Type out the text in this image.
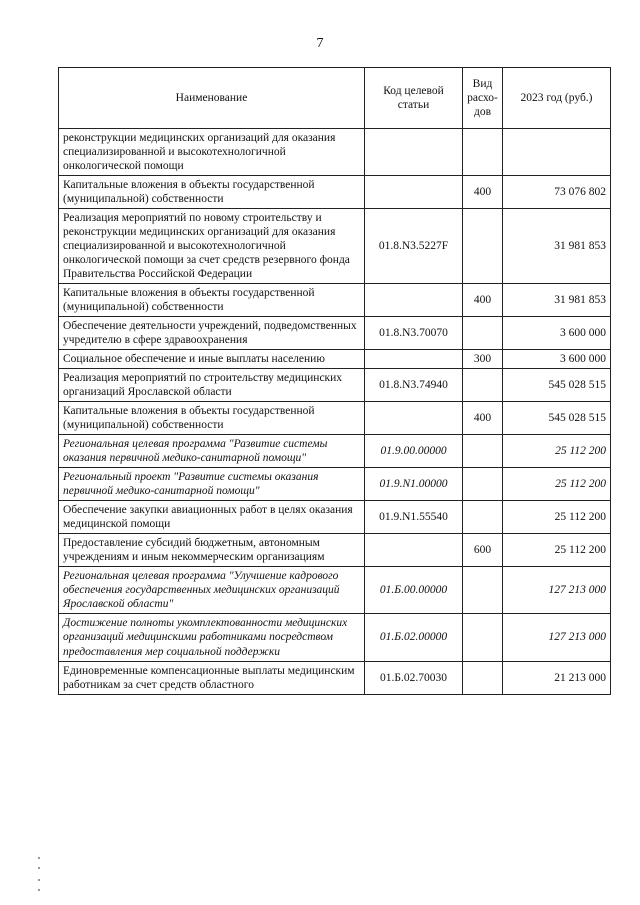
7
Наименование	Код целевой статьи	Вид расхо-дов	2023 год (руб.)
реконструкции медицинских организаций для оказания специализированной и высокотехнологичной онкологической помощи			
Капитальные вложения в объекты государственной (муниципальной) собственности		400	73 076 802
Реализация мероприятий по новому строительству и реконструкции медицинских организаций для оказания специализированной и высокотехнологичной онкологической помощи за счет средств резервного фонда Правительства Российской Федерации	01.8.N3.5227F		31 981 853
Капитальные вложения в объекты государственной (муниципальной) собственности		400	31 981 853
Обеспечение деятельности учреждений, подведомственных учредителю в сфере здравоохранения	01.8.N3.70070		3 600 000
Социальное обеспечение и иные выплаты населению		300	3 600 000
Реализация мероприятий по строительству медицинских организаций Ярославской области	01.8.N3.74940		545 028 515
Капитальные вложения в объекты государственной (муниципальной) собственности		400	545 028 515
Региональная целевая программа "Развитие системы оказания первичной медико-санитарной помощи"	01.9.00.00000		25 112 200
Региональный проект "Развитие системы оказания первичной медико-санитарной помощи"	01.9.N1.00000		25 112 200
Обеспечение закупки авиационных работ в целях оказания медицинской помощи	01.9.N1.55540		25 112 200
Предоставление субсидий бюджетным, автономным учреждениям и иным некоммерческим организациям		600	25 112 200
Региональная целевая программа "Улучшение кадрового обеспечения государственных медицинских организаций Ярославской области"	01.Б.00.00000		127 213 000
Достижение полноты укомплектованности медицинских организаций медицинскими работниками посредством предоставления мер социальной поддержки	01.Б.02.00000		127 213 000
Единовременные компенсационные выплаты медицинским работникам за счет средств областного	01.Б.02.70030		21 213 000
